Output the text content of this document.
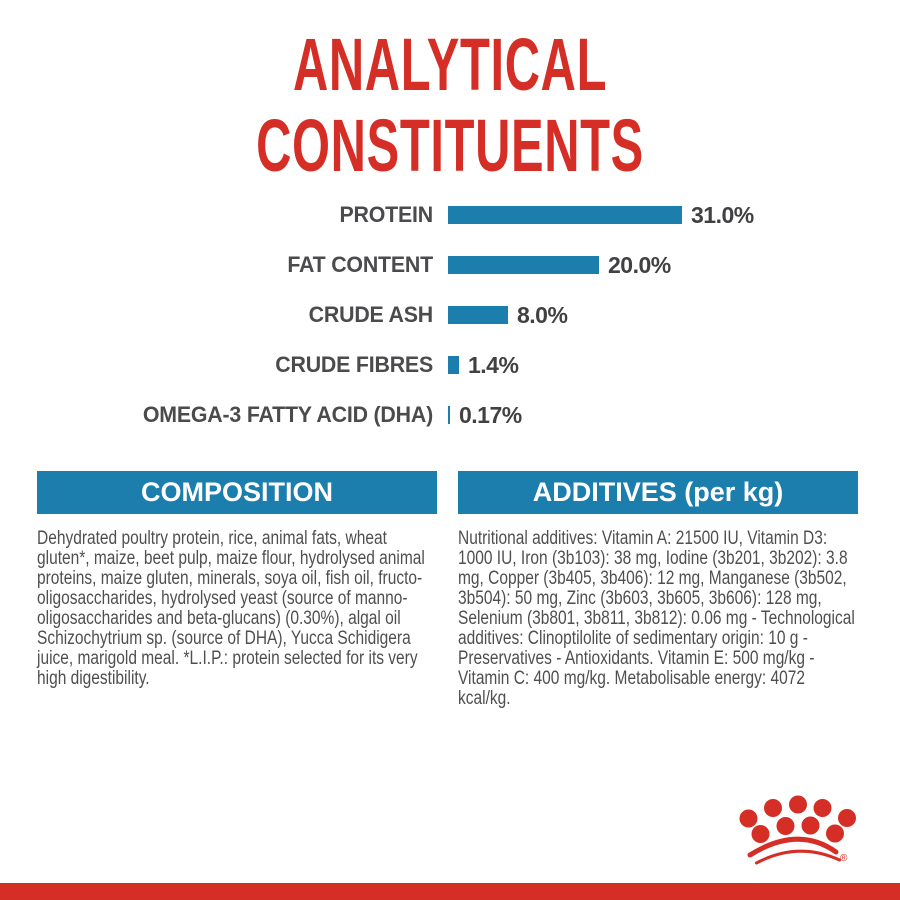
ANALYTICAL
CONSTITUENTS
PROTEIN	31.0%
FAT CONTENT	20.0%
CRUDE ASH	8.0%
CRUDE FIBRES 1.4%
OMEGA-3 FATTY ACID (DHA) 0.17%
COMPOSITION
Dehydrated poultry protein, rice, animal fats, wheat gluten*, maize, beet pulp, maize flour, hydrolysed animal proteins, maize gluten, minerals, soya oil, fish oil, fructo-oligosaccharides, hydrolysed yeast (source of manno-oligosaccharides and beta-glucans) (0.30%), algal oil Schizochytrium sp. (source of DHA), Yucca Schidigera juice, marigold meal. *L.I.P.: protein selected for its very high digestibility.
ADDITIVES (per kg)
Nutritional additives: Vitamin A: 21500 IU, Vitamin D3: 1000 IU, Iron (3b103): 38 mg, Iodine (3b201, 3b202): 3.8 mg, Copper (3b405, 3b406): 12 mg, Manganese (3b502, 3b504): 50 mg, Zinc (3b603, 3b605, 3b606): 128 mg, Selenium (3b801, 3b811, 3b812): 0.06 mg - Technological additives: Clinoptilolite of sedimentary origin: 10 g - Preservatives - Antioxidants. Vitamin E: 500 mg/kg - Vitamin C: 400 mg/kg. Metabolisable energy: 4072 kcal/kg.
®
